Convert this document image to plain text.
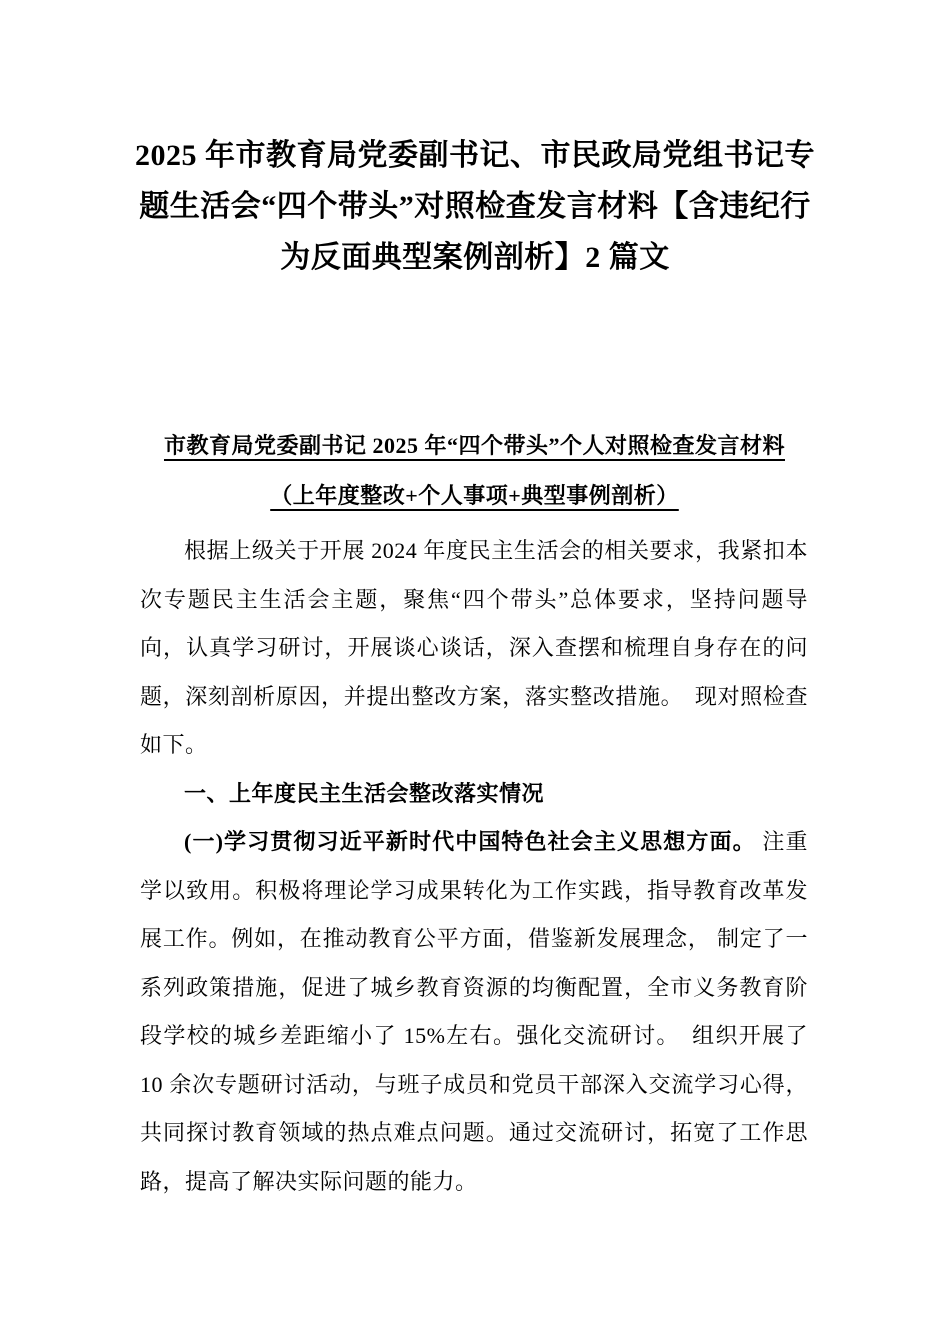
2025 年市教育局党委副书记、市民政局党组书记专
题生活会“四个带头”对照检查发言材料【含违纪行
为反面典型案例剖析】2 篇文
市教育局党委副书记 2025 年“四个带头”个人对照检查发言材料
（上年度整改+个人事项+典型事例剖析）

根据上级关于开展 2024 年度民主生活会的相关要求，我紧扣本次专题民主生活会主题，聚焦“四个带头”总体要求，坚持问题导向，认真学习研讨，开展谈心谈话，深入查摆和梳理自身存在的问题，深刻剖析原因，并提出整改方案，落实整改措施。　现对照检查如下。

一、上年度民主生活会整改落实情况

(一)学习贯彻习近平新时代中国特色社会主义思想方面。 注重学以致用。积极将理论学习成果转化为工作实践，指导教育改革发展工作。例如，在推动教育公平方面，借鉴新发展理念， 制定了一系列政策措施，促进了城乡教育资源的均衡配置，全市义务教育阶段学校的城乡差距缩小了 15%左右。强化交流研讨。　组织开展了 10 余次专题研讨活动，与班子成员和党员干部深入交流学习心得，共同探讨教育领域的热点难点问题。通过交流研讨，拓宽了工作思路，提高了解决实际问题的能力。
